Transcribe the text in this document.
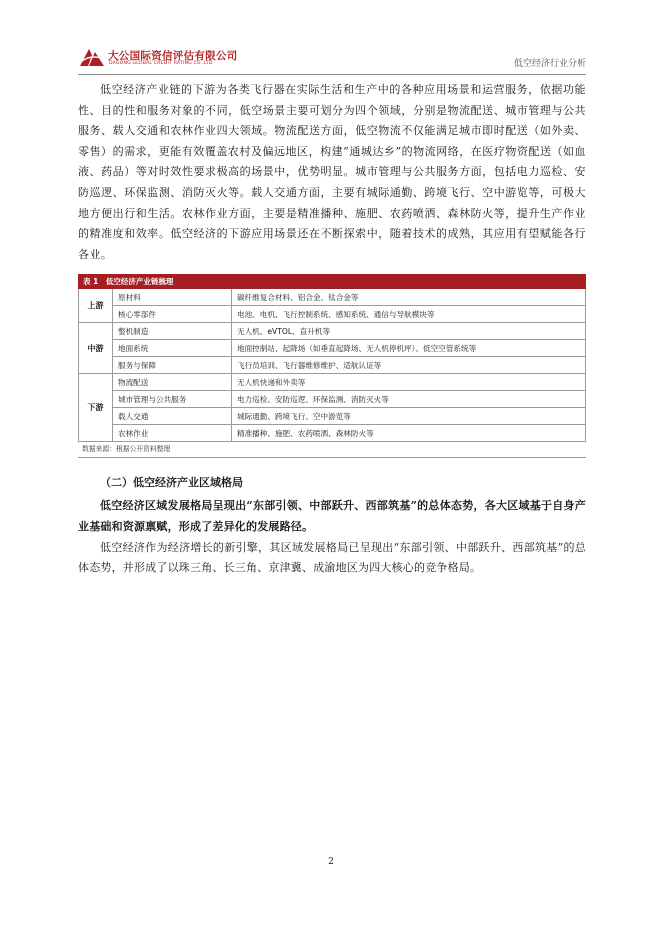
大公国际资信评估有限公司
DAGONG GLOBAL CREDIT RATING CO.,LTD	低空经济行业分析

低空经济产业链的下游为各类飞行器在实际生活和生产中的各种应用场景和运营服务，依据功能性、目的性和服务对象的不同，低空场景主要可划分为四个领域，分别是物流配送、城市管理与公共服务、载人交通和农林作业四大领域。物流配送方面，低空物流不仅能满足城市即时配送（如外卖、零售）的需求，更能有效覆盖农村及偏远地区，构建“通城达乡”的物流网络，在医疗物资配送（如血液、药品）等对时效性要求极高的场景中，优势明显。城市管理与公共服务方面，包括电力巡检、安防巡逻、环保监测、消防灭火等。载人交通方面，主要有城际通勤、跨境飞行、空中游览等，可极大地方便出行和生活。农林作业方面，主要是精准播种、施肥、农药喷洒、森林防火等，提升生产作业的精准度和效率。低空经济的下游应用场景还在不断探索中，随着技术的成熟，其应用有望赋能各行各业。

表 1　低空经济产业链梳理
上游	原材料	碳纤维复合材料、铝合金、钛合金等
	核心零部件	电池、电机、飞行控制系统、感知系统、通信与导航模块等
中游	整机制造	无人机、eVTOL、直升机等
	地面系统	地面控制站、起降场（如垂直起降场、无人机停机坪）、低空空管系统等
	服务与保障	飞行员培训、飞行器维修维护、适航认证等
下游	物流配送	无人机快递和外卖等
	城市管理与公共服务	电力巡检、安防巡逻、环保监测、消防灭火等
	载人交通	城际通勤、跨境飞行、空中游览等
	农林作业	精准播种、施肥、农药喷洒、森林防火等
数据来源：根据公开资料整理
（二）低空经济产业区域格局

低空经济区域发展格局呈现出“东部引领、中部跃升、西部筑基”的总体态势，各大区域基于自身产业基础和资源禀赋，形成了差异化的发展路径。

低空经济作为经济增长的新引擎，其区域发展格局已呈现出“东部引领、中部跃升、西部筑基”的总体态势，并形成了以珠三角、长三角、京津冀、成渝地区为四大核心的竞争格局。

2
